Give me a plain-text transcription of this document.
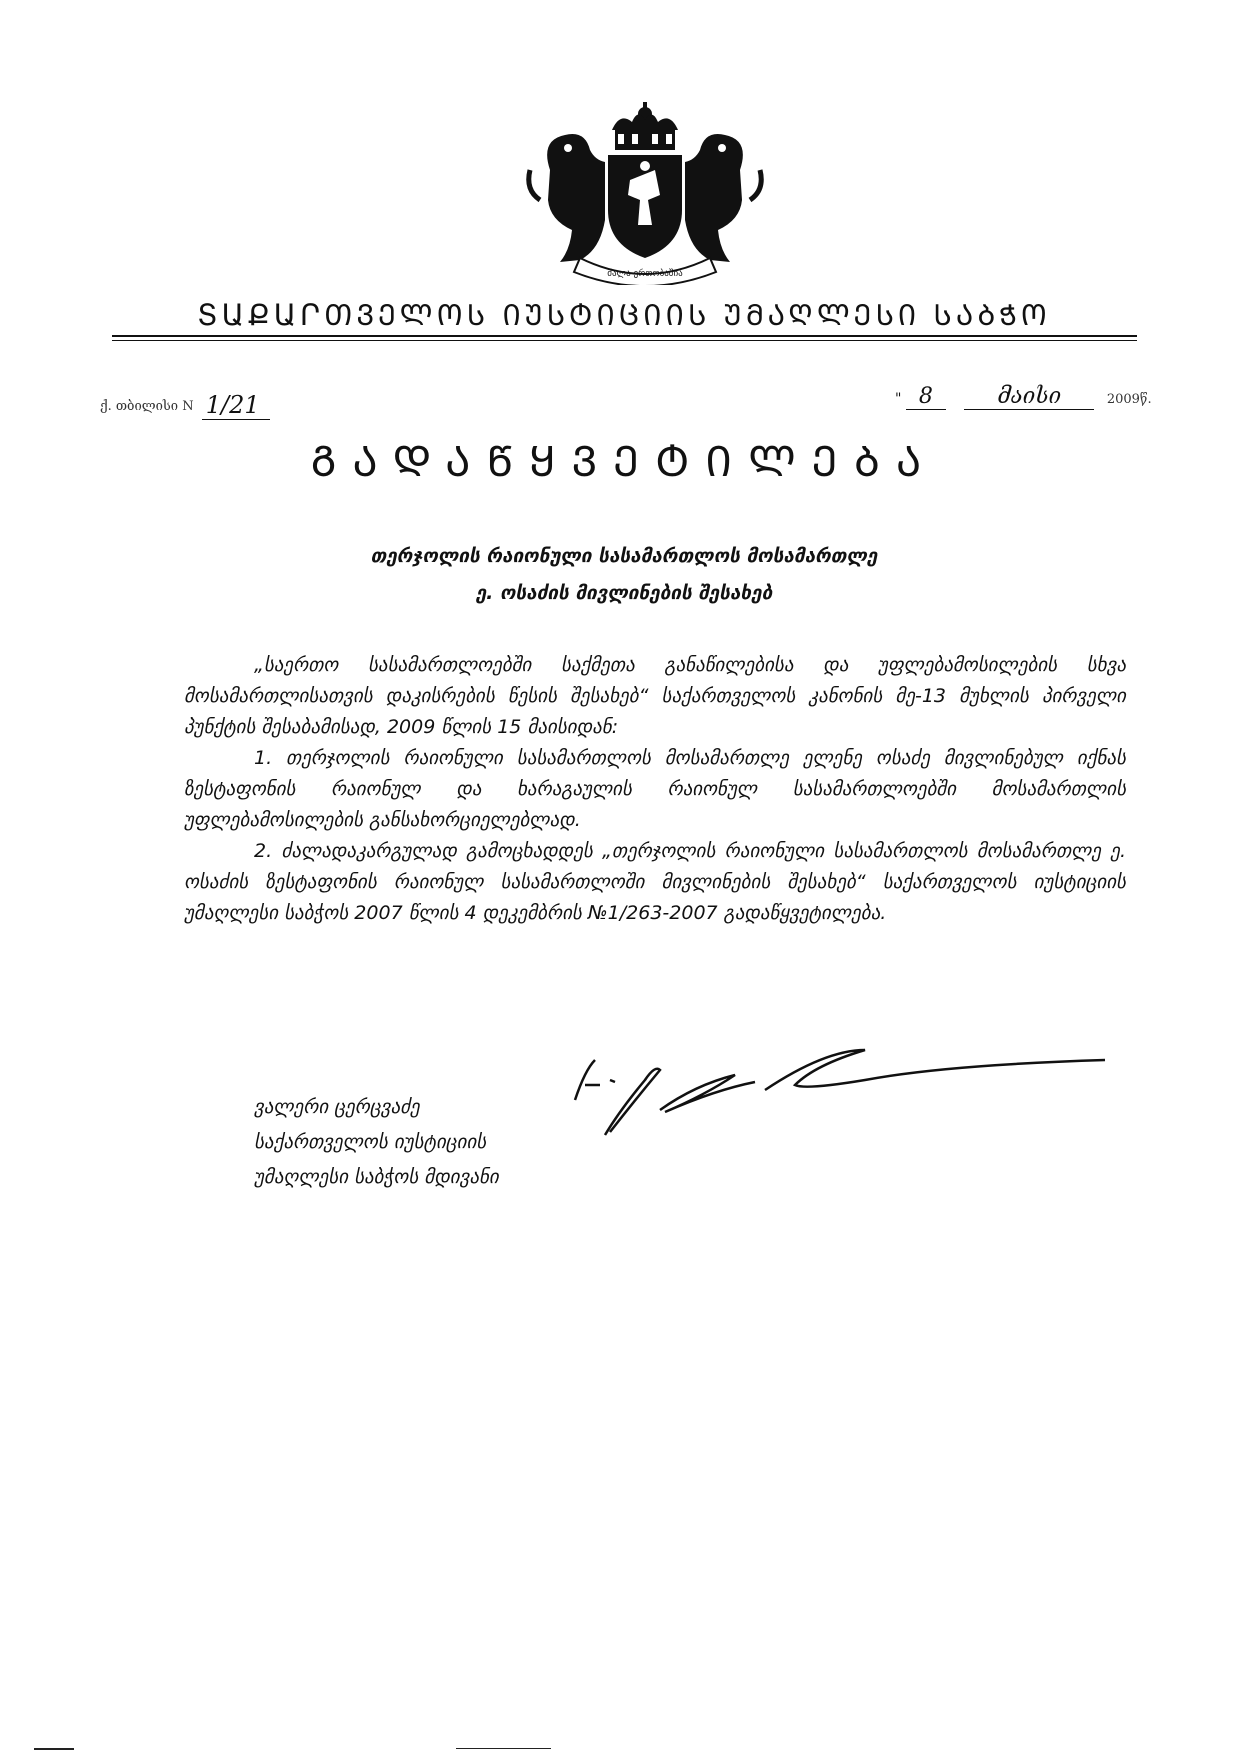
ძალა ერთობაშია
ՏԱՔԱՐᲗᲕᲔᲚᲝᲡ ᲘᲣᲡᲢᲘᲪᲘᲘᲡ ᲣᲛᲐᲦᲚᲔᲡᲘ ᲡᲐᲑᲭᲝ
ქ. თბილისი N 1/21	" 8	მაისი	2009წ.
ᲒᲐᲓᲐᲬᲧᲕᲔᲢᲘᲚᲔᲑᲐ
თერჯოლის რაიონული სასამართლოს მოსამართლე
ე. ოსაძის მივლინების შესახებ

„საერთო სასამართლოებში საქმეთა განაწილებისა და უფლებამოსილების სხვა მოსამართლისათვის დაკისრების წესის შესახებ“ საქართველოს კანონის მე-13 მუხლის პირველი პუნქტის შესაბამისად, 2009 წლის 15 მაისიდან:

1. თერჯოლის რაიონული სასამართლოს მოსამართლე ელენე ოსაძე მივლინებულ იქნას ზესტაფონის რაიონულ და ხარაგაულის რაიონულ სასამართლოებში მოსამართლის უფლებამოსილების განსახორციელებლად.

2. ძალადაკარგულად გამოცხადდეს „თერჯოლის რაიონული სასამართლოს მოსამართლე ე. ოსაძის ზესტაფონის რაიონულ სასამართლოში მივლინების შესახებ“ საქართველოს იუსტიციის უმაღლესი საბჭოს 2007 წლის 4 დეკემბრის №1/263-2007 გადაწყვეტილება.

ვალერი ცერცვაძე
საქართველოს იუსტიციის
უმაღლესი საბჭოს მდივანი
